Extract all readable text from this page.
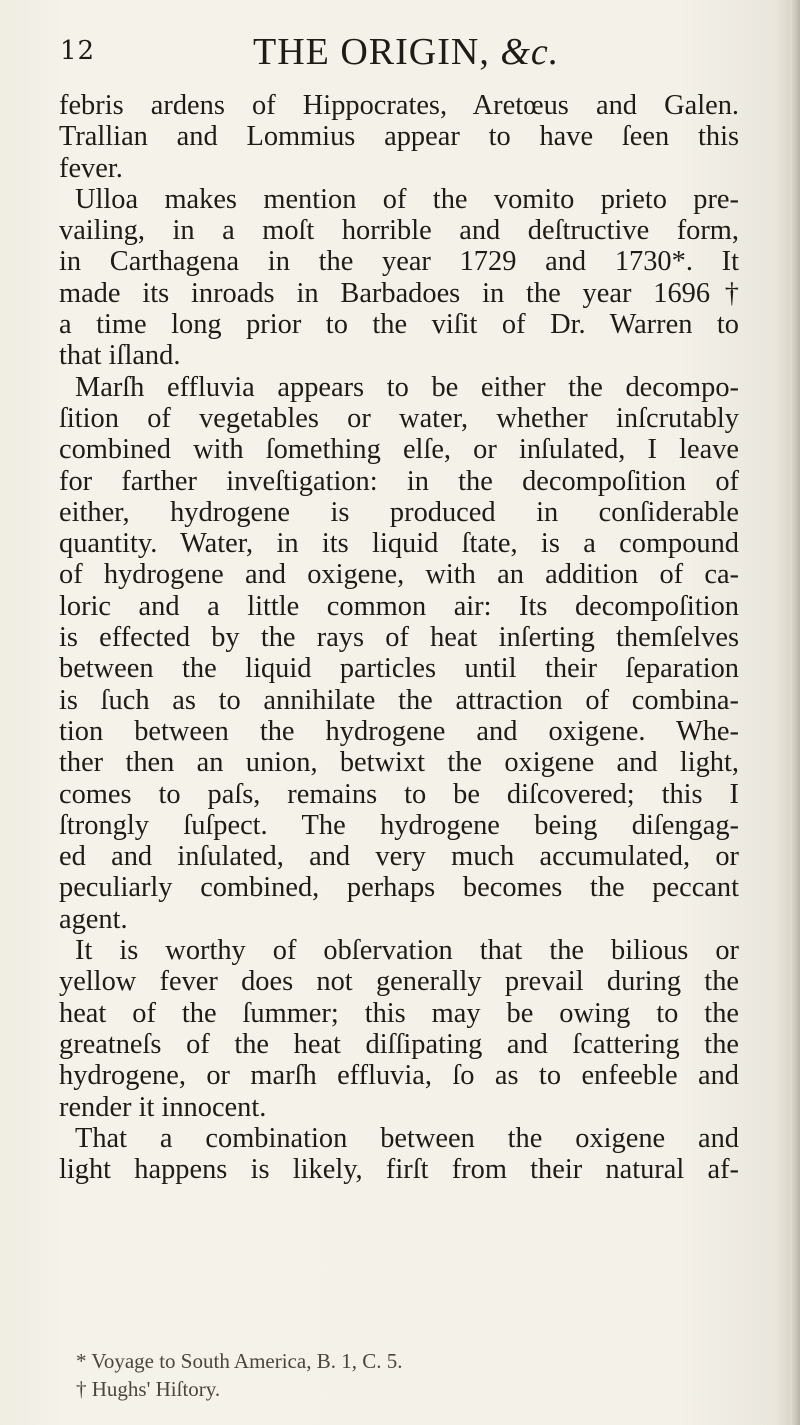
12	THE ORIGIN, &c.
febris ardens of Hippocrates, Aretœus and Galen.
Trallian and Lommius appear to have ſeen this
fever.
Ulloa makes mention of the vomito prieto pre-
vailing, in a moſt horrible and deſtructive form,
in Carthagena in the year 1729 and 1730*. It
made its inroads in Barbadoes in the year 1696†
a time long prior to the viſit of Dr. Warren to
that iſland.
Marſh effluvia appears to be either the decompo-
ſition of vegetables or water, whether inſcrutably
combined with ſomething elſe, or inſulated, I leave
for farther inveſtigation: in the decompoſition of
either, hydrogene is produced in conſiderable
quantity. Water, in its liquid ſtate, is a compound
of hydrogene and oxigene, with an addition of ca-
loric and a little common air: Its decompoſition
is effected by the rays of heat inſerting themſelves
between the liquid particles until their ſeparation
is ſuch as to annihilate the attraction of combina-
tion between the hydrogene and oxigene. Whe-
ther then an union, betwixt the oxigene and light,
comes to paſs, remains to be diſcovered; this I
ſtrongly ſuſpect. The hydrogene being diſengag-
ed and inſulated, and very much accumulated, or
peculiarly combined, perhaps becomes the peccant
agent.
It is worthy of obſervation that the bilious or
yellow fever does not generally prevail during the
heat of the ſummer; this may be owing to the
greatneſs of the heat diſſipating and ſcattering the
hydrogene, or marſh effluvia, ſo as to enfeeble and
render it innocent.
That a combination between the oxigene and
light happens is likely, firſt from their natural af-
* Voyage to South America, B. 1, C. 5.
† Hughs' Hiſtory.
